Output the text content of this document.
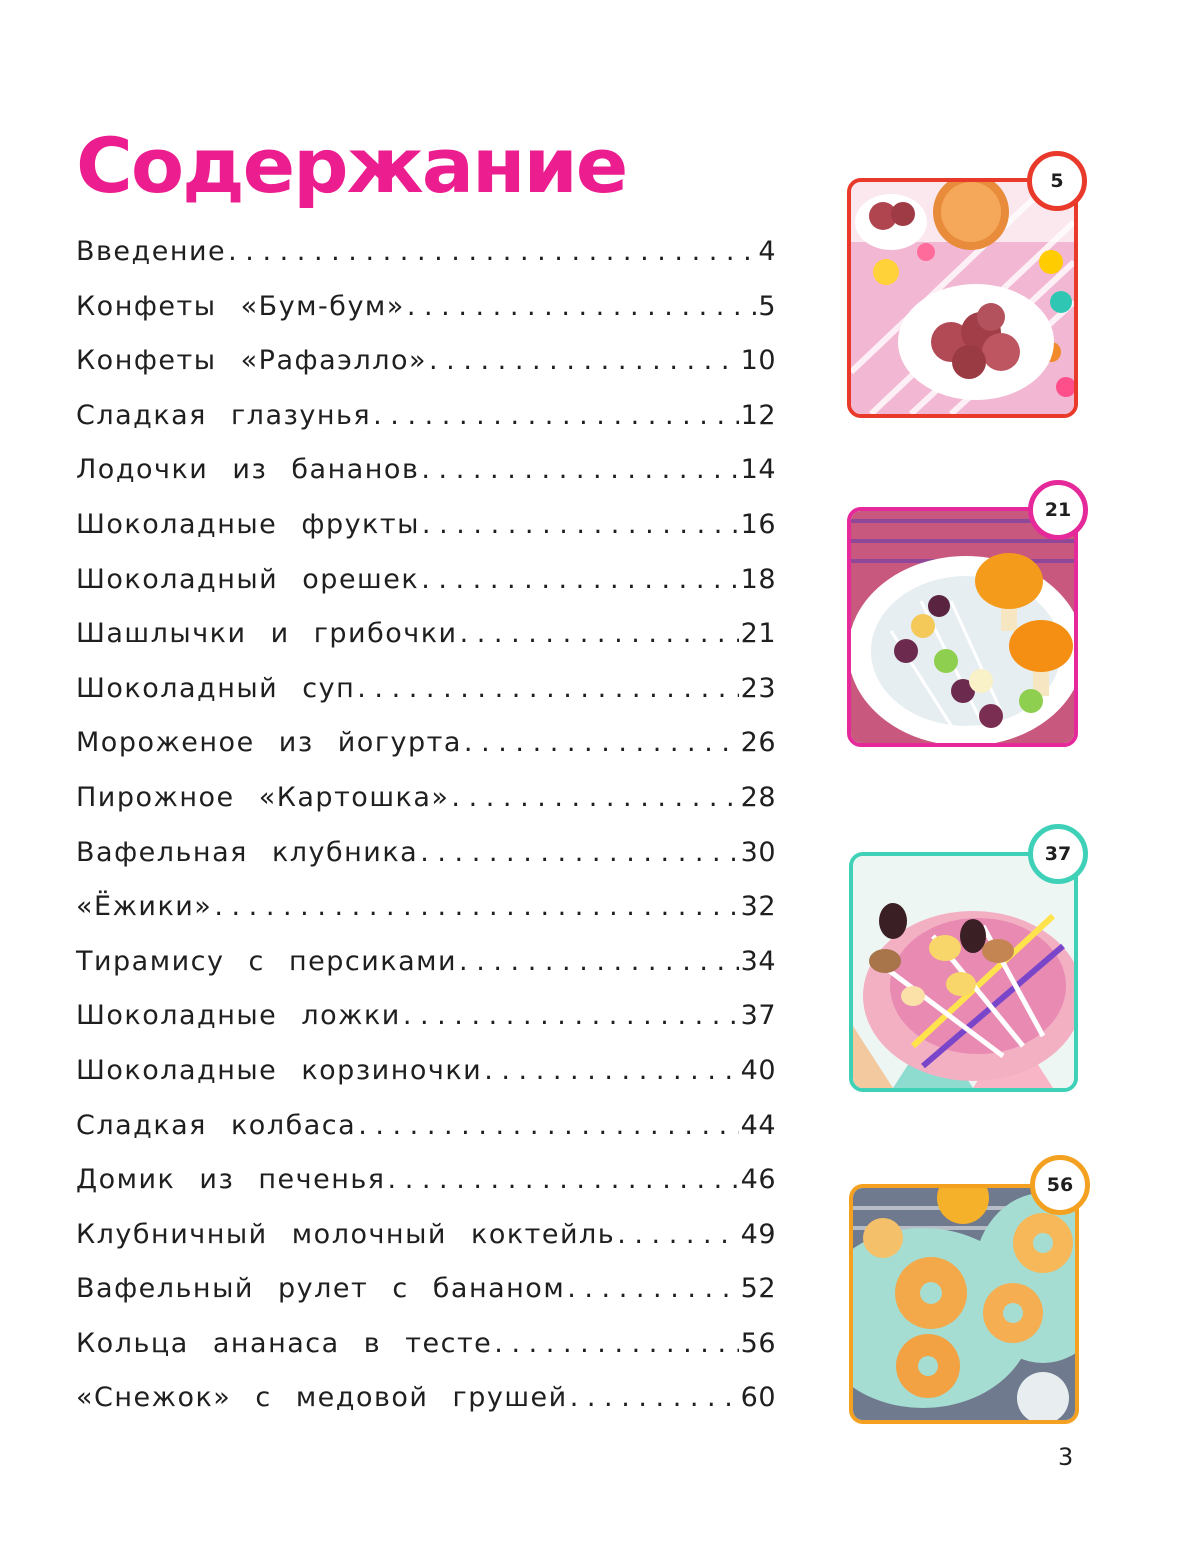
Содержание
Введение . . .	4
Конфеты «Бум-бум» . . .	5
Конфеты «Рафаэлло» . . .	10
Сладкая глазунья . . .	12
Лодочки из бананов . . .	14
Шоколадные фрукты . . .	16
Шоколадный орешек . . .	18
Шашлычки и грибочки . . .	21
Шоколадный суп . . .	23
Мороженое из йогурта . . .	26
Пирожное «Картошка» . . .	28
Вафельная клубника . . .	30
«Ёжики» . . .	32
Тирамису с персиками . . .	34
Шоколадные ложки . . .	37
Шоколадные корзиночки . . .	40
Сладкая колбаса . . .	44
Домик из печенья . . .	46
Клубничный молочный коктейль . . .	49
Вафельный рулет с бананом . . .	52
Кольца ананаса в тесте . . .	56
«Снежок» с медовой грушей . . .	60
5
21
37
56
3
